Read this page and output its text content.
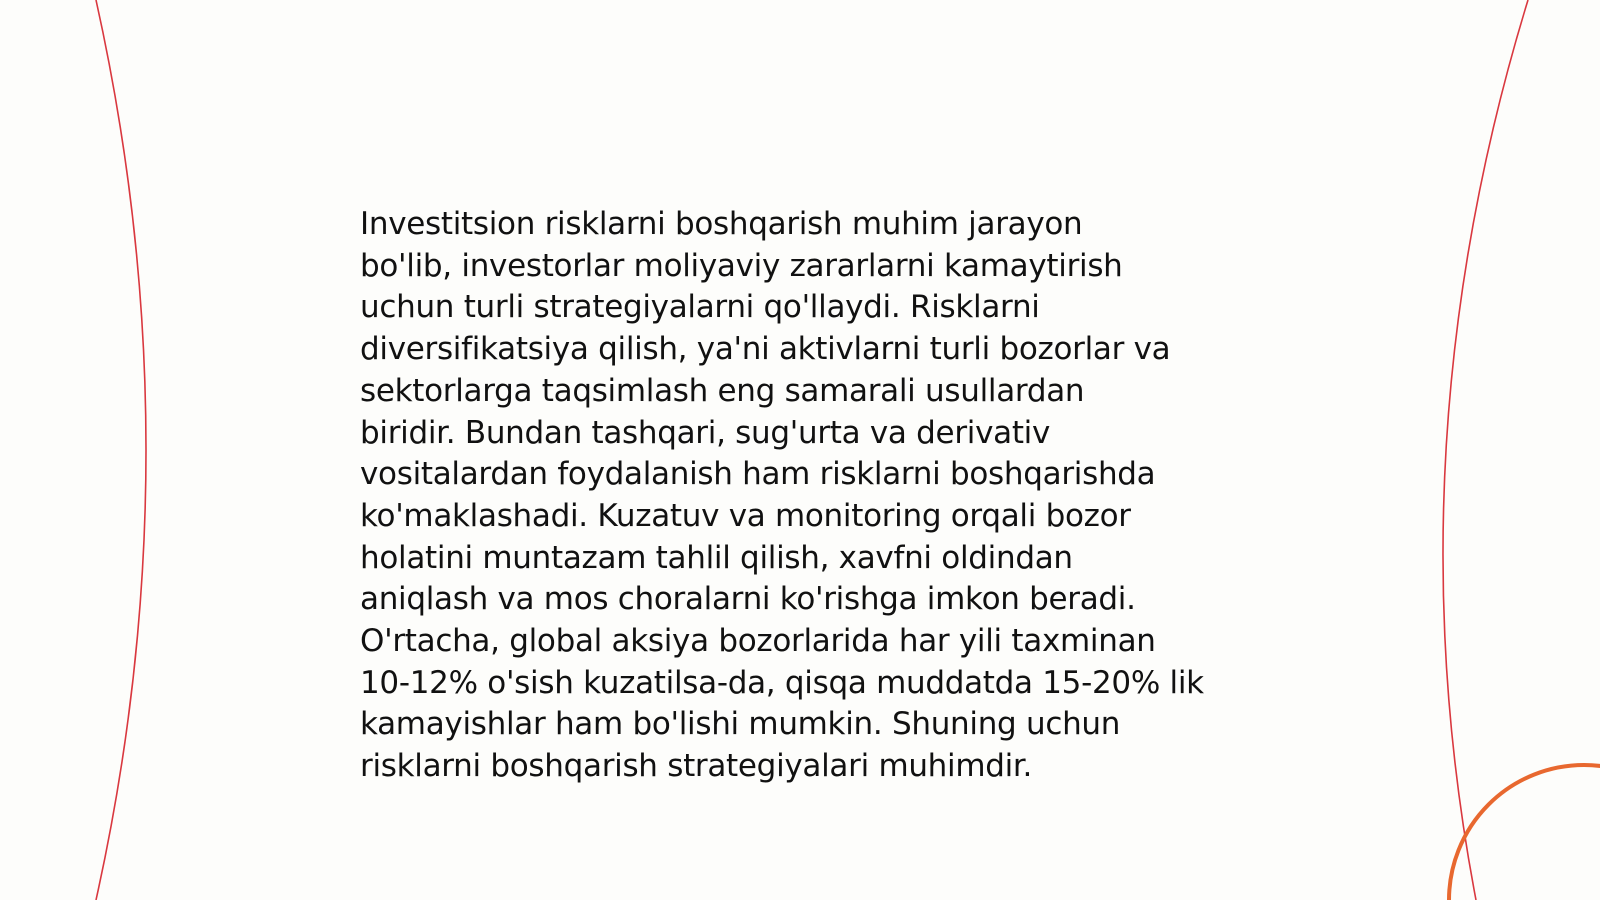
Investitsion risklarni boshqarish muhim jarayon
bo'lib, investorlar moliyaviy zararlarni kamaytirish
uchun turli strategiyalarni qo'llaydi. Risklarni
diversifikatsiya qilish, ya'ni aktivlarni turli bozorlar va
sektorlarga taqsimlash eng samarali usullardan
biridir. Bundan tashqari, sug'urta va derivativ
vositalardan foydalanish ham risklarni boshqarishda
ko'maklashadi. Kuzatuv va monitoring orqali bozor
holatini muntazam tahlil qilish, xavfni oldindan
aniqlash va mos choralarni ko'rishga imkon beradi.
O'rtacha, global aksiya bozorlarida har yili taxminan
10-12% o'sish kuzatilsa-da, qisqa muddatda 15-20% lik
kamayishlar ham bo'lishi mumkin. Shuning uchun
risklarni boshqarish strategiyalari muhimdir.
